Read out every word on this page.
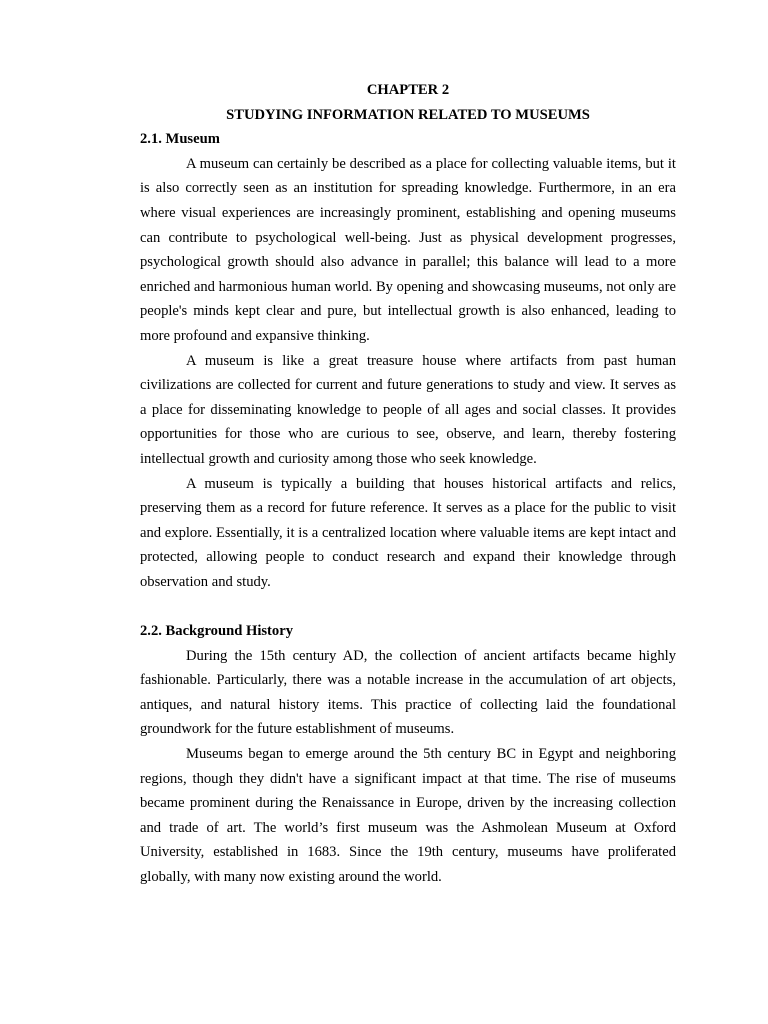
CHAPTER 2

STUDYING INFORMATION RELATED TO MUSEUMS

2.1. Museum

A museum can certainly be described as a place for collecting valuable items, but it is also correctly seen as an institution for spreading knowledge. Furthermore, in an era where visual experiences are increasingly prominent, establishing and opening museums can contribute to psychological well-being. Just as physical development progresses, psychological growth should also advance in parallel; this balance will lead to a more enriched and harmonious human world. By opening and showcasing museums, not only are people's minds kept clear and pure, but intellectual growth is also enhanced, leading to more profound and expansive thinking.

A museum is like a great treasure house where artifacts from past human civilizations are collected for current and future generations to study and view. It serves as a place for disseminating knowledge to people of all ages and social classes. It provides opportunities for those who are curious to see, observe, and learn, thereby fostering intellectual growth and curiosity among those who seek knowledge.

A museum is typically a building that houses historical artifacts and relics, preserving them as a record for future reference. It serves as a place for the public to visit and explore. Essentially, it is a centralized location where valuable items are kept intact and protected, allowing people to conduct research and expand their knowledge through observation and study.

2.2. Background History

During the 15th century AD, the collection of ancient artifacts became highly fashionable. Particularly, there was a notable increase in the accumulation of art objects, antiques, and natural history items. This practice of collecting laid the foundational groundwork for the future establishment of museums.

Museums began to emerge around the 5th century BC in Egypt and neighboring regions, though they didn't have a significant impact at that time. The rise of museums became prominent during the Renaissance in Europe, driven by the increasing collection and trade of art. The world’s first museum was the Ashmolean Museum at Oxford University, established in 1683. Since the 19th century, museums have proliferated globally, with many now existing around the world.
